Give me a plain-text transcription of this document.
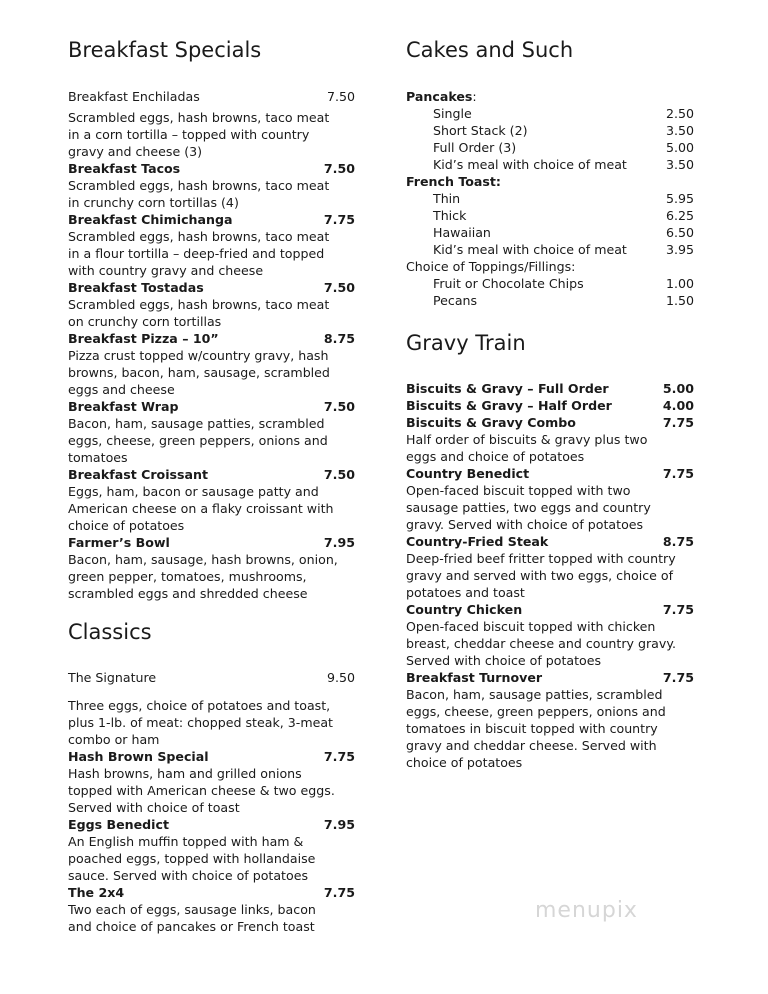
Breakfast Specials
Breakfast Enchiladas	7.50
Scrambled eggs, hash browns, taco meat
in a corn tortilla – topped with country
gravy and cheese (3)
Breakfast Tacos	7.50
Scrambled eggs, hash browns, taco meat
in crunchy corn tortillas (4)
Breakfast Chimichanga	7.75
Scrambled eggs, hash browns, taco meat
in a flour tortilla – deep-fried and topped
with country gravy and cheese
Breakfast Tostadas	7.50
Scrambled eggs, hash browns, taco meat
on crunchy corn tortillas
Breakfast Pizza – 10”	8.75
Pizza crust topped w/country gravy, hash
browns, bacon, ham, sausage, scrambled
eggs and cheese
Breakfast Wrap	7.50
Bacon, ham, sausage patties, scrambled
eggs, cheese, green peppers, onions and
tomatoes
Breakfast Croissant	7.50
Eggs, ham, bacon or sausage patty and
American cheese on a flaky croissant with
choice of potatoes
Farmer’s Bowl	7.95
Bacon, ham, sausage, hash browns, onion,
green pepper, tomatoes, mushrooms,
scrambled eggs and shredded cheese
Classics
The Signature	9.50
Three eggs, choice of potatoes and toast,
plus 1-lb. of meat: chopped steak, 3-meat
combo or ham
Hash Brown Special	7.75
Hash browns, ham and grilled onions
topped with American cheese & two eggs.
Served with choice of toast
Eggs Benedict	7.95
An English muffin topped with ham &
poached eggs, topped with hollandaise
sauce. Served with choice of potatoes
The 2x4	7.75
Two each of eggs, sausage links, bacon
and choice of pancakes or French toast
Cakes and Such
Pancakes:
Single	2.50
Short Stack (2)	3.50
Full Order (3)	5.00
Kid’s meal with choice of meat	3.50
French Toast:
Thin	5.95
Thick	6.25
Hawaiian	6.50
Kid’s meal with choice of meat	3.95
Choice of Toppings/Fillings:
Fruit or Chocolate Chips	1.00
Pecans	1.50
Gravy Train
Biscuits & Gravy – Full Order	5.00
Biscuits & Gravy – Half Order	4.00
Biscuits & Gravy Combo	7.75
Half order of biscuits & gravy plus two
eggs and choice of potatoes
Country Benedict	7.75
Open-faced biscuit topped with two
sausage patties, two eggs and country
gravy. Served with choice of potatoes
Country-Fried Steak	8.75
Deep-fried beef fritter topped with country
gravy and served with two eggs, choice of
potatoes and toast
Country Chicken	7.75
Open-faced biscuit topped with chicken
breast, cheddar cheese and country gravy.
Served with choice of potatoes
Breakfast Turnover	7.75
Bacon, ham, sausage patties, scrambled
eggs, cheese, green peppers, onions and
tomatoes in biscuit topped with country
gravy and cheddar cheese. Served with
choice of potatoes
menupix
